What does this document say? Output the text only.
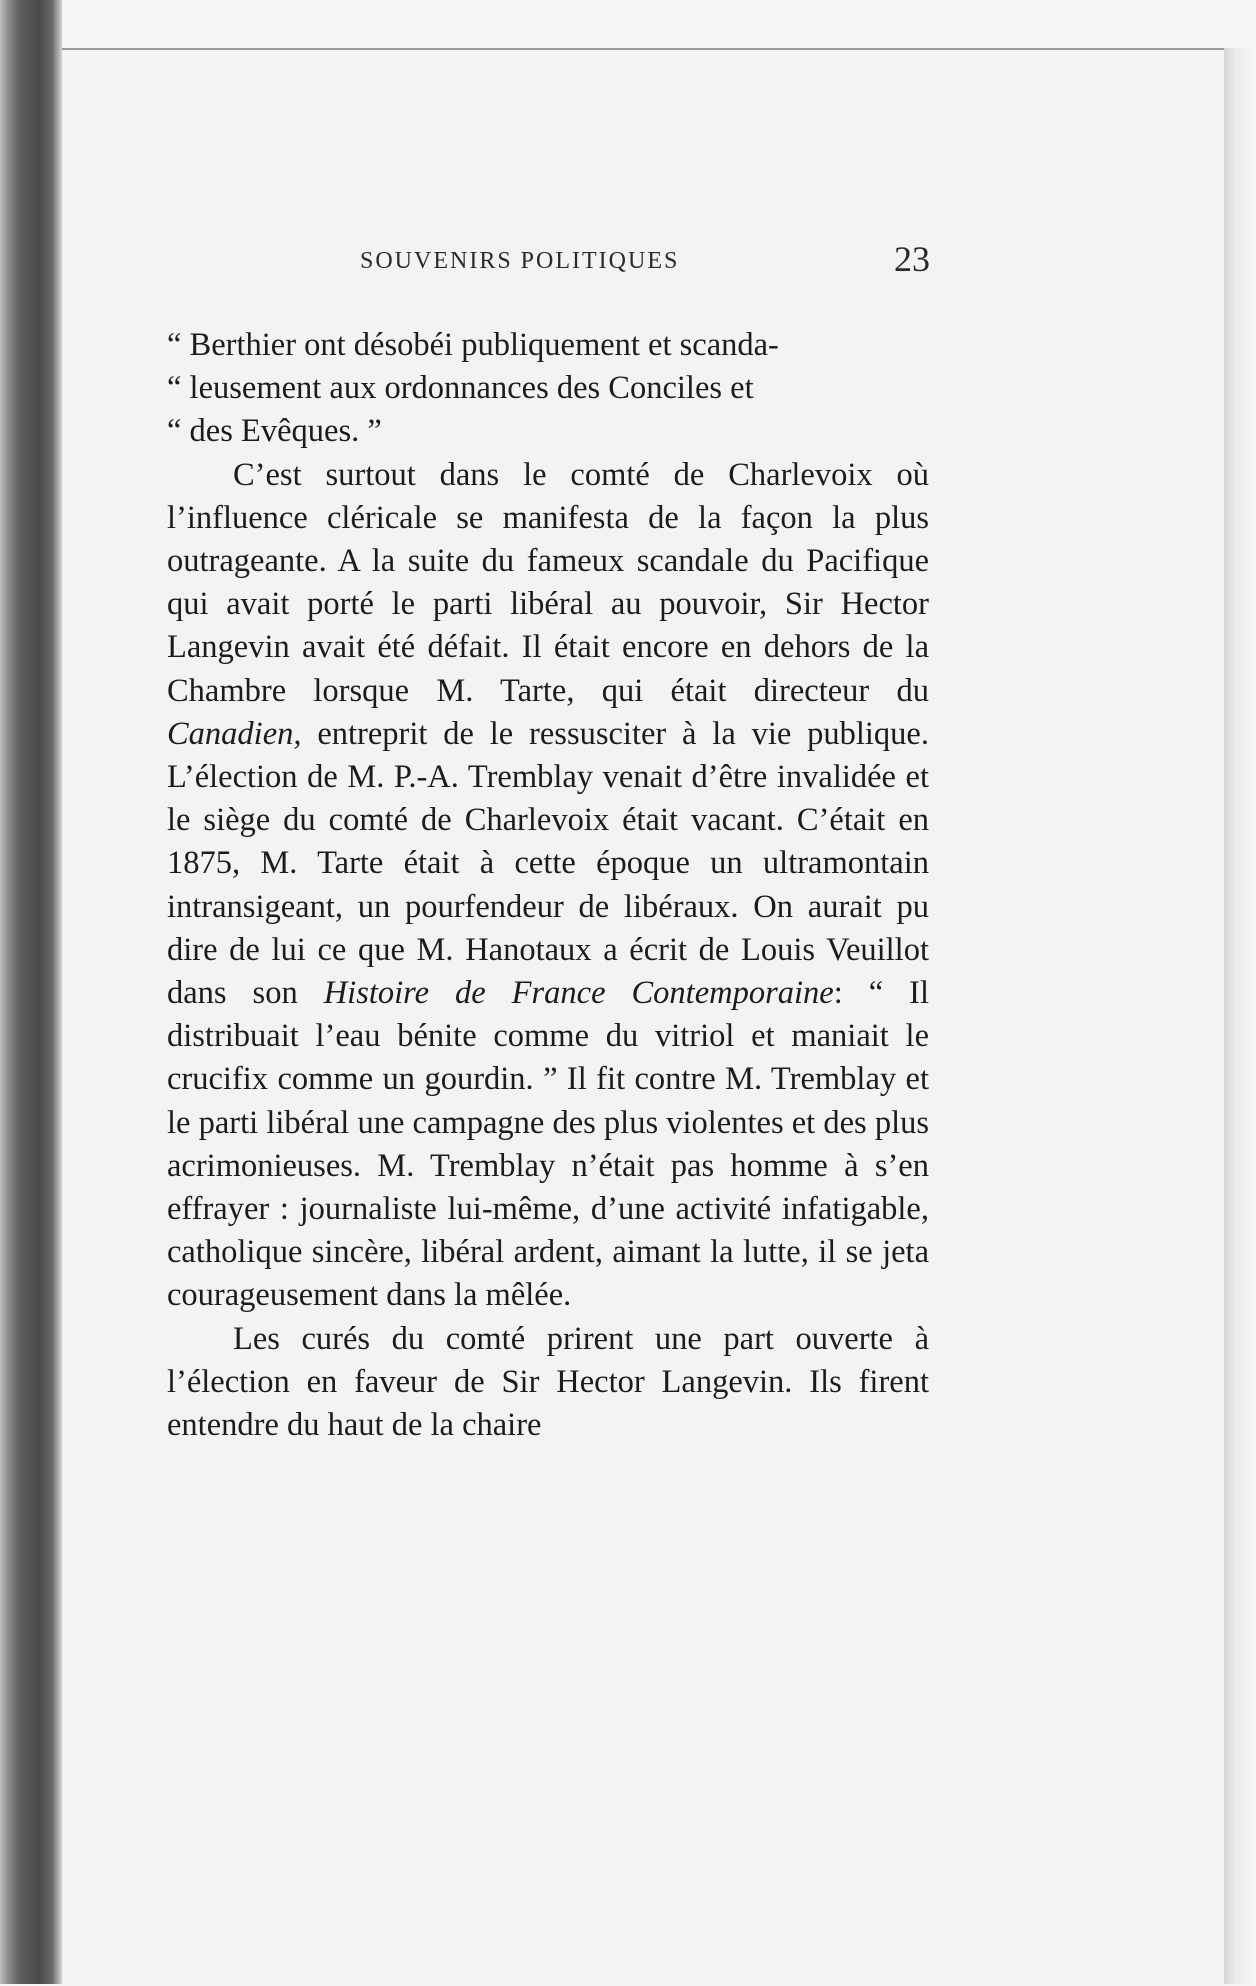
SOUVENIRS POLITIQUES	23

“ Berthier ont désobéi publiquement et scanda-
“ leusement aux ordonnances des Conciles et
“ des Evêques. ”

C’est surtout dans le comté de Charlevoix où l’influence cléricale se manifesta de la façon la plus outrageante. A la suite du fameux scandale du Pacifique qui avait porté le parti libéral au pouvoir, Sir Hector Langevin avait été défait. Il était encore en dehors de la Chambre lorsque M. Tarte, qui était directeur du Canadien, entreprit de le ressusciter à la vie publique. L’élection de M. P.-A. Tremblay venait d’être invalidée et le siège du comté de Charlevoix était vacant. C’était en 1875, M. Tarte était à cette époque un ultramontain intransigeant, un pourfendeur de libéraux. On aurait pu dire de lui ce que M. Hanotaux a écrit de Louis Veuillot dans son Histoire de France Contemporaine: “ Il distribuait l’eau bénite comme du vitriol et maniait le crucifix comme un gourdin. ” Il fit contre M. Tremblay et le parti libéral une campagne des plus violentes et des plus acrimonieuses. M. Tremblay n’était pas homme à s’en effrayer : journaliste lui-même, d’une activité infatigable, catholique sincère, libéral ardent, aimant la lutte, il se jeta courageusement dans la mêlée.

Les curés du comté prirent une part ouverte à l’élection en faveur de Sir Hector Langevin. Ils firent entendre du haut de la chaire
